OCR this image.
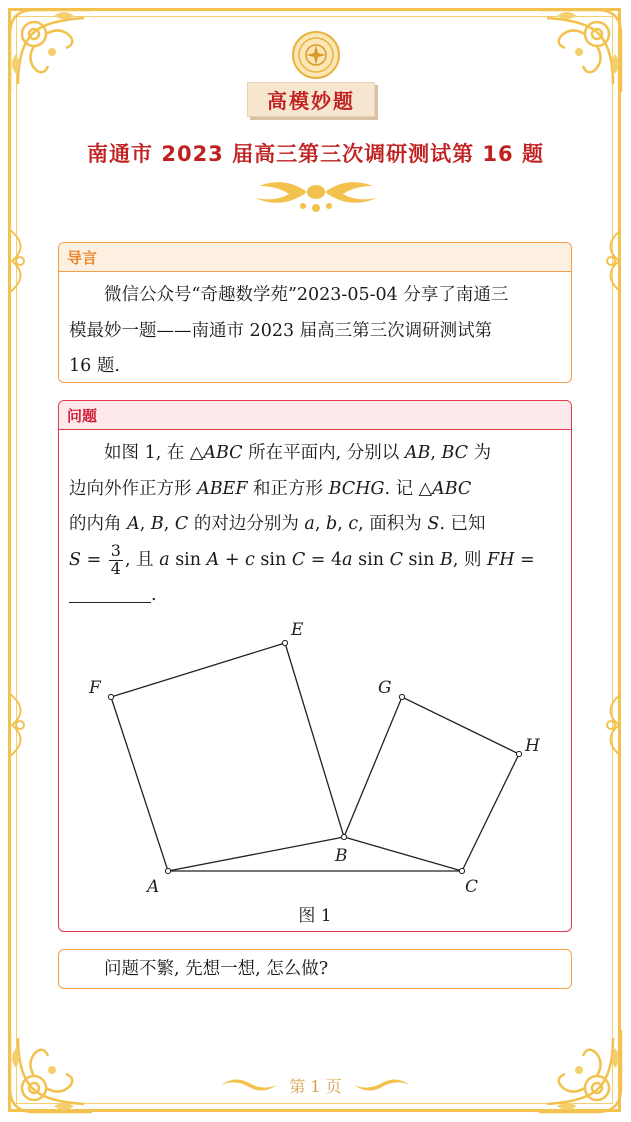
高模妙题
南通市 2023 届高三第三次调研测试第 16 题
导言
微信公众号“奇趣数学苑”2023-05-04 分享了南通三
模最妙一题——南通市 2023 届高三第三次调研测试第
16 题.
问题
如图 1, 在 △ABC 所在平面内, 分别以 AB, BC 为
边向外作正方形 ABEF 和正方形 BCHG. 记 △ABC
的内角 A, B, C 的对边分别为 a, b, c, 面积为 S. 已知
$S = \frac{3}{4}$ , 且 a sin A + c sin C = 4a sin C sin B, 则 FH =
.
A
B
C
E
F	G
H
图 1
问题不繁, 先想一想, 怎么做?
第 1 页
